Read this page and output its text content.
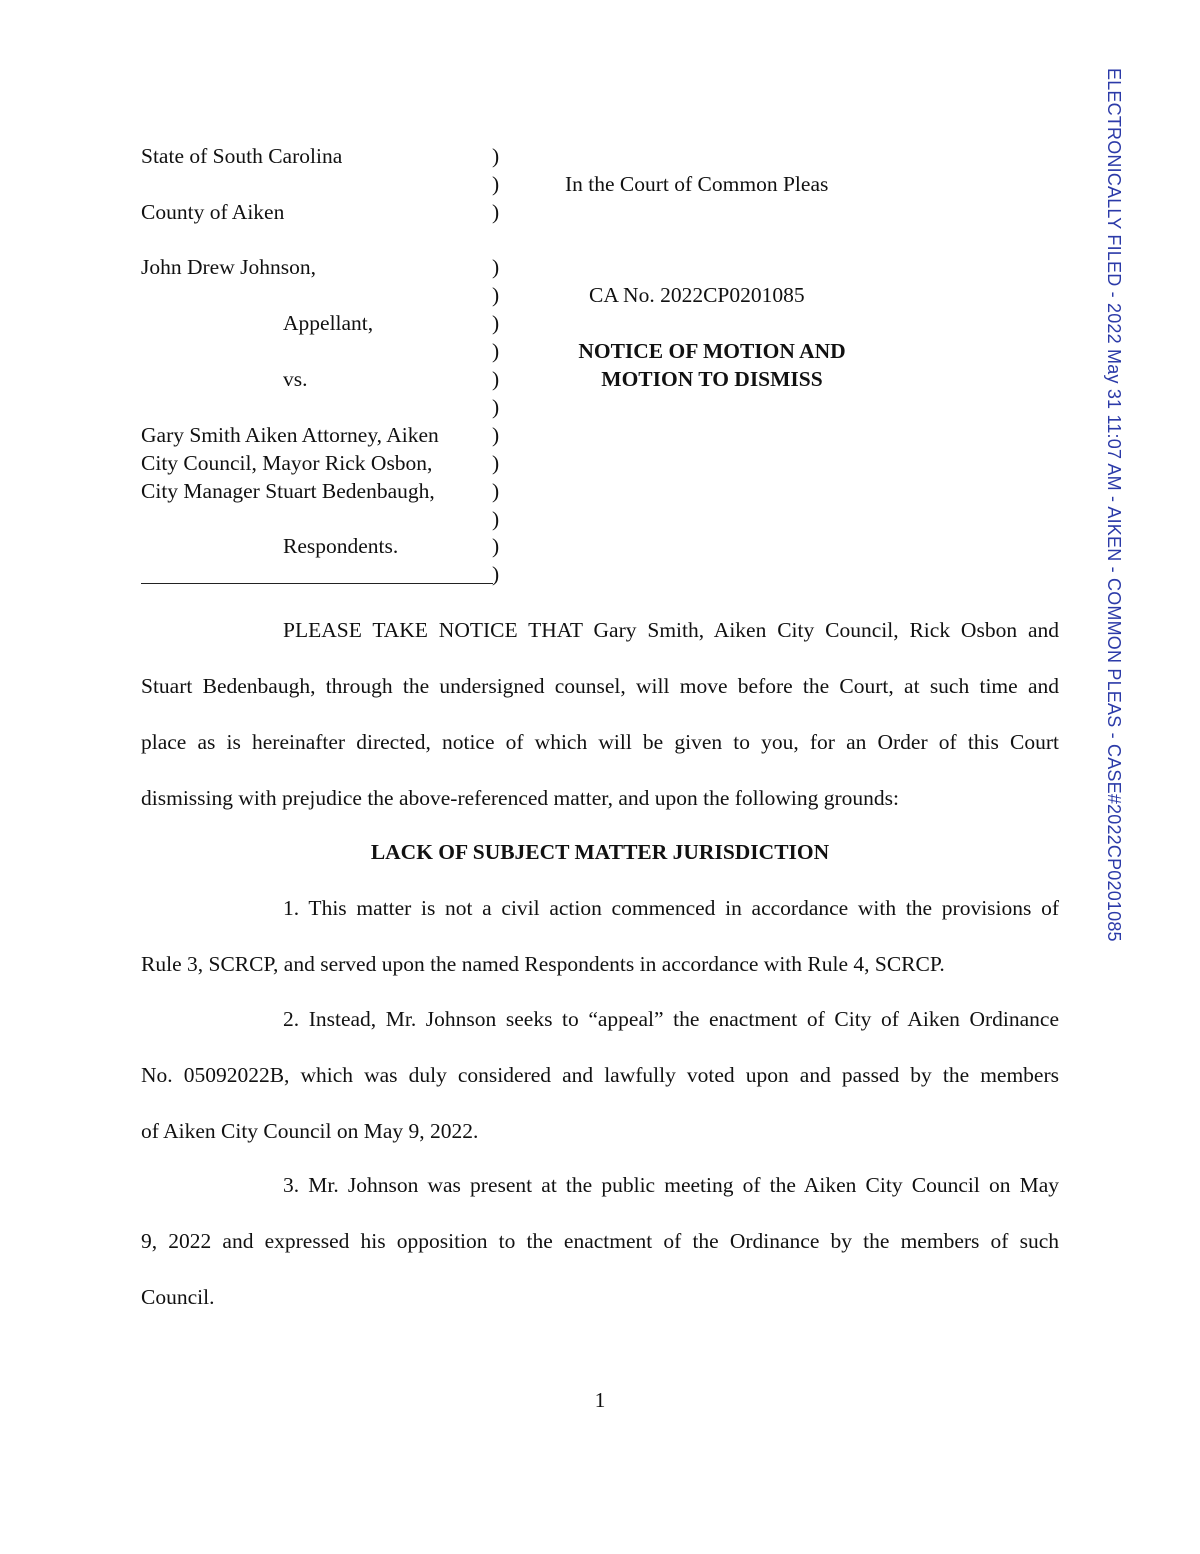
ELECTRONICALLY FILED - 2022 May 31 11:07 AM - AIKEN - COMMON PLEAS - CASE#2022CP0201085
State of South Carolina
County of Aiken
John Drew Johnson,
Appellant,
vs.
Gary Smith Aiken Attorney, Aiken
City Council, Mayor Rick Osbon,
City Manager Stuart Bedenbaugh,
Respondents.
)
)
)
)
)
)
)
)
)
)
)
)
)
)
)
In the Court of Common Pleas
CA No. 2022CP0201085
NOTICE OF MOTION AND
MOTION TO DISMISS
PLEASE TAKE NOTICE THAT Gary Smith, Aiken City Council, Rick Osbon and
Stuart Bedenbaugh, through the undersigned counsel, will move before the Court, at such time and
place as is hereinafter directed, notice of which will be given to you, for an Order of this Court
dismissing with prejudice the above-referenced matter, and upon the following grounds:
LACK OF SUBJECT MATTER JURISDICTION
1. This matter is not a civil action commenced in accordance with the provisions of
Rule 3, SCRCP, and served upon the named Respondents in accordance with Rule 4, SCRCP.
2. Instead, Mr. Johnson seeks to “appeal” the enactment of City of Aiken Ordinance
No. 05092022B, which was duly considered and lawfully voted upon and passed by the members
of Aiken City Council on May 9, 2022.
3. Mr. Johnson was present at the public meeting of the Aiken City Council on May
9, 2022 and expressed his opposition to the enactment of the Ordinance by the members of such
Council.
1
